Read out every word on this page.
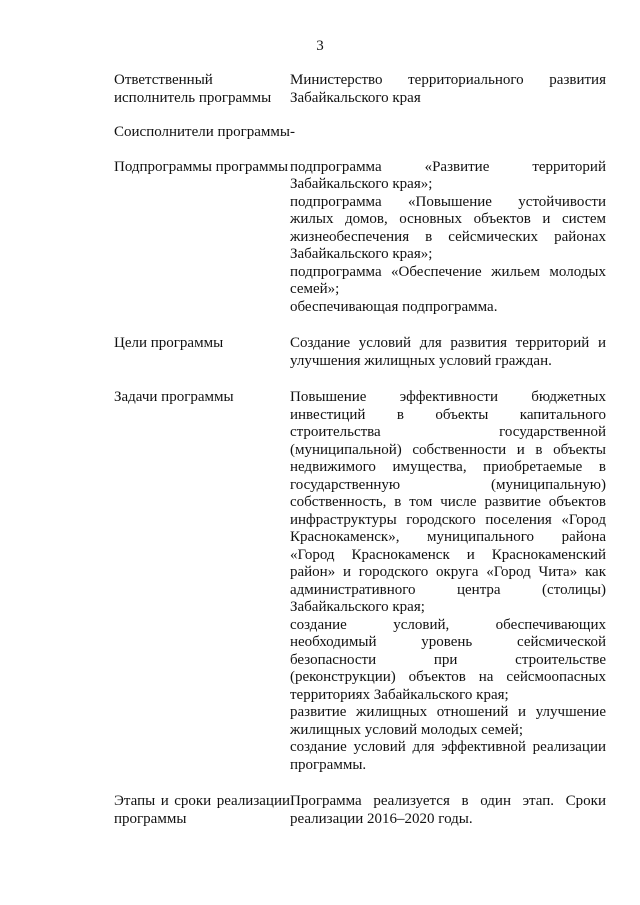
3
Ответственный исполнитель программы
Министерство территориального развития Забайкальского края
Соисполнители программы -
Подпрограммы программы подпрограмма «Развитие территорий Забайкальского края»;
подпрограмма «Повышение устойчивости жилых домов, основных объектов и систем жизнеобеспечения в сейсмических районах Забайкальского края»;
подпрограмма «Обеспечение жильем молодых семей»;
обеспечивающая подпрограмма.
Цели программы	Создание условий для развития территорий и улучшения жилищных условий граждан.
Задачи программы	Повышение эффективности бюджетных инвестиций в объекты капитального строительства государственной (муниципальной) собственности и в объекты недвижимого имущества, приобретаемые в государственную (муниципальную) собственность, в том числе развитие объектов инфраструктуры городского поселения «Город Краснокаменск», муниципального района «Город Краснокаменск и Краснокаменский район» и городского округа «Город Чита» как административного центра (столицы) Забайкальского края;
создание условий, обеспечивающих необходимый уровень сейсмической безопасности при строительстве (реконструкции) объектов на сейсмоопасных территориях Забайкальского края;
развитие жилищных отношений и улучшение жилищных условий молодых семей;
создание условий для эффективной реализации программы.
Этапы и сроки реализации программы
Программа реализуется в один этап. Сроки реализации 2016–2020 годы.
